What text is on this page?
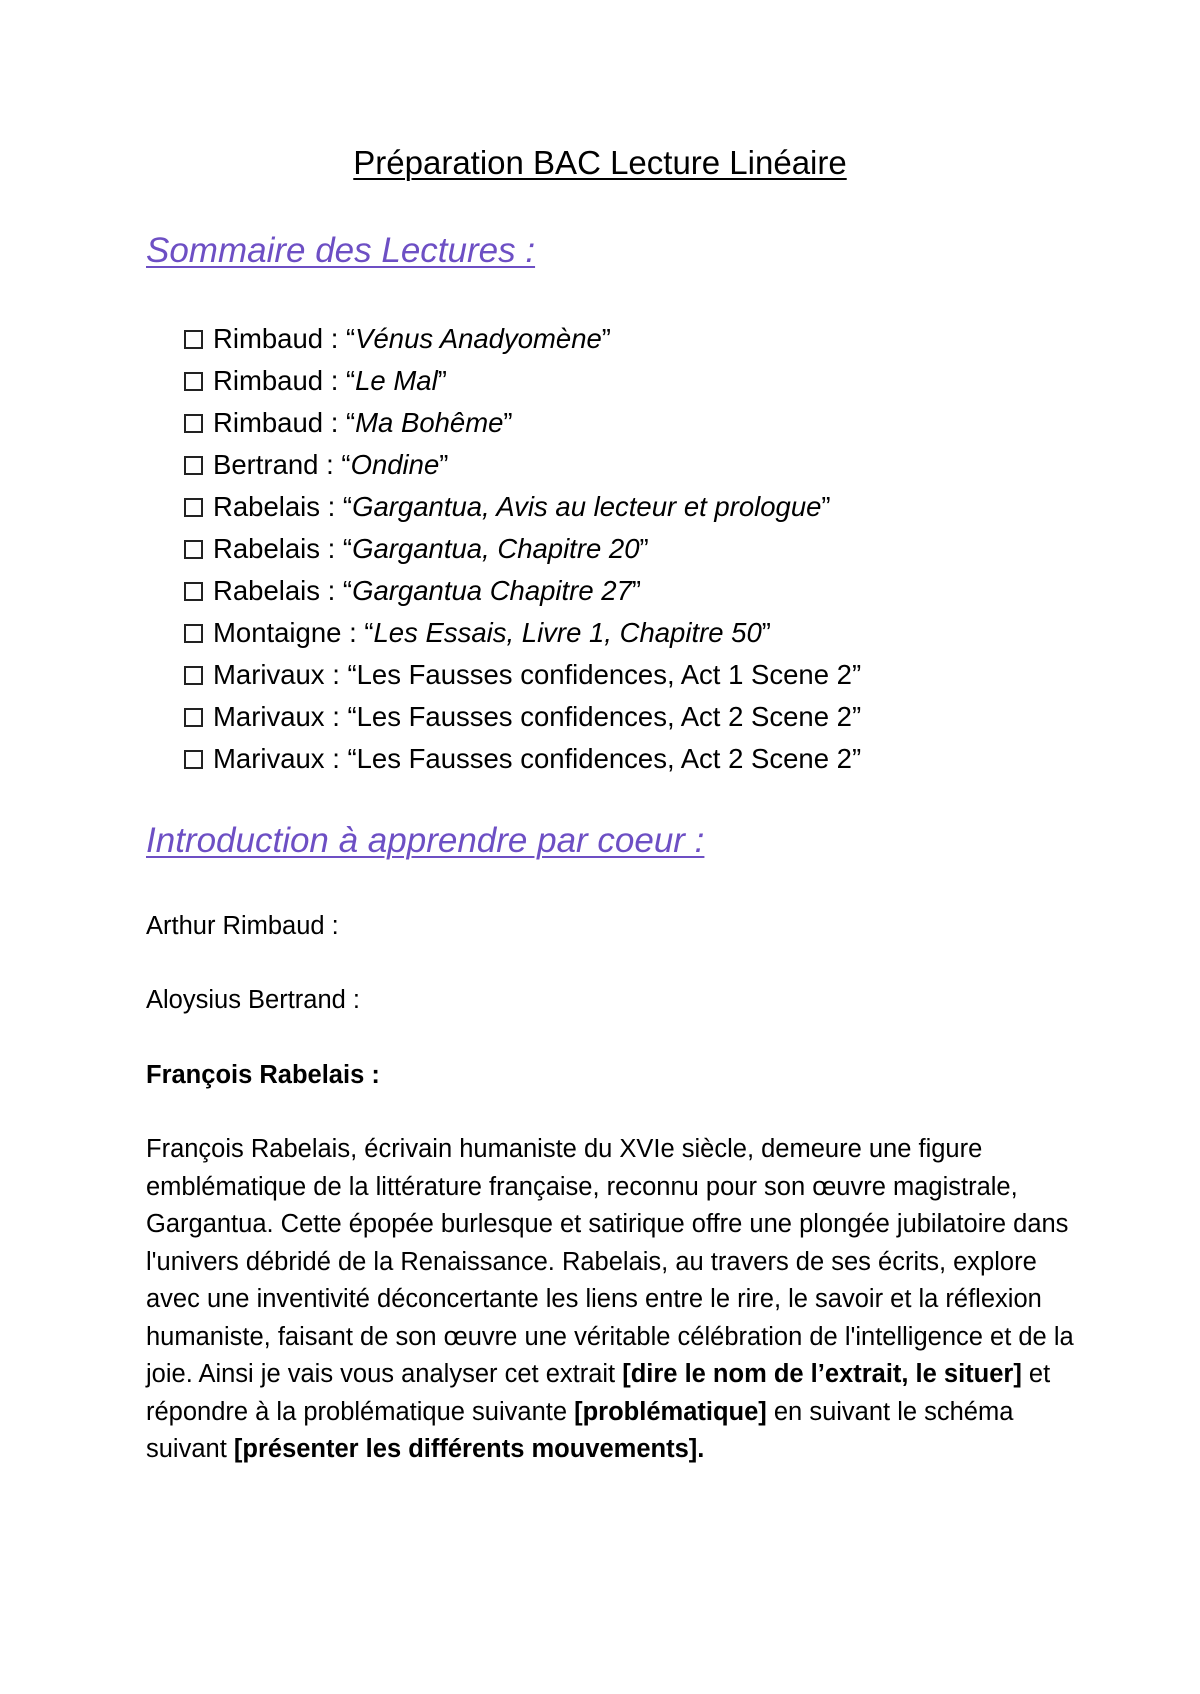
Préparation BAC Lecture Linéaire
Sommaire des Lectures :
Rimbaud : “ Vénus Anadyomène ”
Rimbaud : “ Le Mal ”
Rimbaud : “ Ma Bohême ”
Bertrand : “ Ondine ”
Rabelais : “ Gargantua, Avis au lecteur et prologue ”
Rabelais : “ Gargantua, Chapitre 20 ”
Rabelais : “ Gargantua Chapitre 27 ”
Montaigne : “ Les Essais, Livre 1, Chapitre 50 ”
Marivaux : “ Les Fausses confidences, Act 1 Scene 2 ”
Marivaux : “ Les Fausses confidences, Act 2 Scene 2 ”
Marivaux : “ Les Fausses confidences, Act 2 Scene 2 ”
Introduction à apprendre par coeur :

Arthur Rimbaud :

Aloysius Bertrand :

François Rabelais :

François Rabelais, écrivain humaniste du XVIe siècle, demeure une figure emblématique de la littérature française, reconnu pour son œuvre magistrale, Gargantua. Cette épopée burlesque et satirique offre une plongée jubilatoire dans l'univers débridé de la Renaissance. Rabelais, au travers de ses écrits, explore avec une inventivité déconcertante les liens entre le rire, le savoir et la réflexion humaniste, faisant de son œuvre une véritable célébration de l'intelligence et de la joie. Ainsi je vais vous analyser cet extrait [dire le nom de l’extrait, le situer] et répondre à la problématique suivante [problématique] en suivant le schéma suivant [présenter les différents mouvements].
